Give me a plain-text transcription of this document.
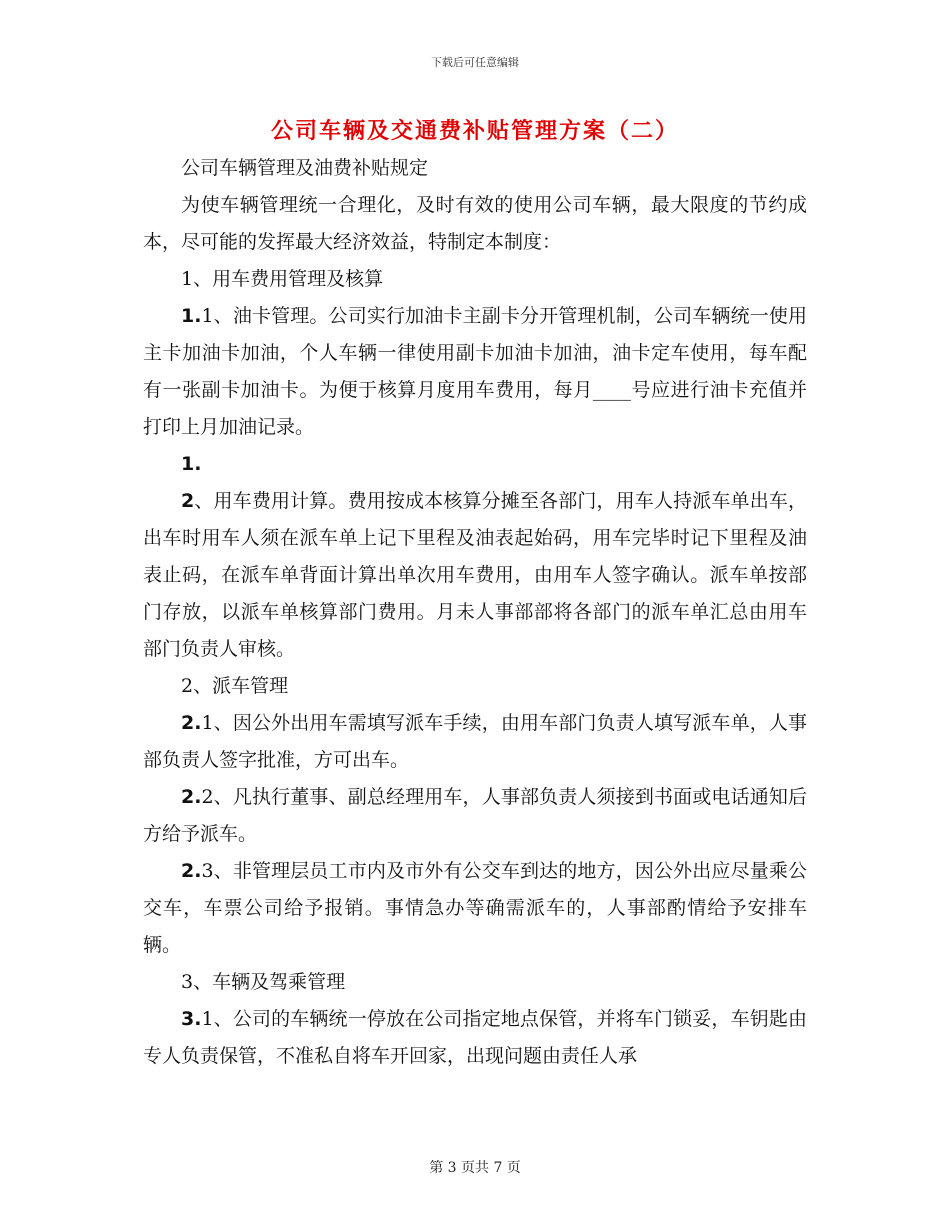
下载后可任意编辑
公司车辆及交通费补贴管理方案（二）

公司车辆管理及油费补贴规定

为使车辆管理统一合理化，及时有效的使用公司车辆，最大限度的节约成本，尽可能的发挥最大经济效益，特制定本制度：

1、用车费用管理及核算

1.1、油卡管理。公司实行加油卡主副卡分开管理机制，公司车辆统一使用主卡加油卡加油，个人车辆一律使用副卡加油卡加油，油卡定车使用，每车配有一张副卡加油卡。为便于核算月度用车费用，每月____号应进行油卡充值并打印上月加油记录。

1.

2、用车费用计算。费用按成本核算分摊至各部门，用车人持派车单出车，出车时用车人须在派车单上记下里程及油表起始码，用车完毕时记下里程及油表止码，在派车单背面计算出单次用车费用，由用车人签字确认。派车单按部门存放，以派车单核算部门费用。月未人事部部将各部门的派车单汇总由用车部门负责人审核。

2、派车管理

2.1、因公外出用车需填写派车手续，由用车部门负责人填写派车单，人事部负责人签字批准，方可出车。

2.2、凡执行董事、副总经理用车，人事部负责人须接到书面或电话通知后方给予派车。

2.3、非管理层员工市内及市外有公交车到达的地方，因公外出应尽量乘公交车，车票公司给予报销。事情急办等确需派车的，人事部酌情给予安排车辆。

3、车辆及驾乘管理

3.1、公司的车辆统一停放在公司指定地点保管，并将车门锁妥，车钥匙由专人负责保管，不准私自将车开回家，出现问题由责任人承

第 3 页共 7 页
